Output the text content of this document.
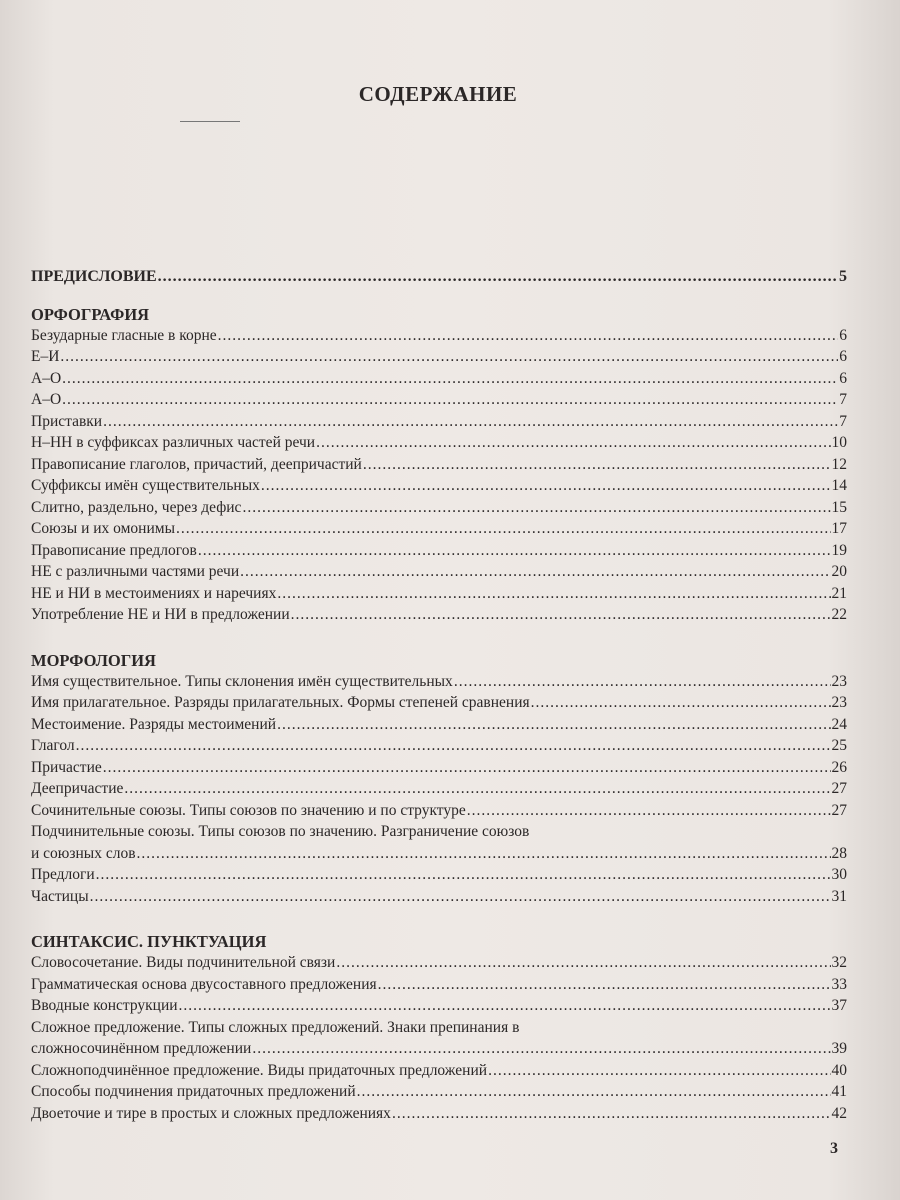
СОДЕРЖАНИЕ
ПРЕДИСЛОВИЕ .....	5
ОРФОГРАФИЯ
Безударные гласные в корне .....	6
Е–И .....	6
А–О .....	6
А–О .....	7
Приставки .....	7
Н–НН в суффиксах различных частей речи .....	10
Правописание глаголов, причастий, деепричастий .....	12
Суффиксы имён существительных .....	14
Слитно, раздельно, через дефис .....	15
Союзы и их омонимы .....	17
Правописание предлогов .....	19
НЕ с различными частями речи .....	20
НЕ и НИ в местоимениях и наречиях .....	21
Употребление НЕ и НИ в предложении .....	22
МОРФОЛОГИЯ
Имя существительное. Типы склонения имён существительных .....	23
Имя прилагательное. Разряды прилагательных. Формы степеней сравнения .....	23
Местоимение. Разряды местоимений .....	24
Глагол .....	25
Причастие .....	26
Деепричастие .....	27
Сочинительные союзы. Типы союзов по значению и по структуре .....	27
Подчинительные союзы. Типы союзов по значению. Разграничение союзов
и союзных слов .....	28
Предлоги .....	30
Частицы .....	31
СИНТАКСИС. ПУНКТУАЦИЯ
Словосочетание. Виды подчинительной связи .....	32
Грамматическая основа двусоставного предложения .....	33
Вводные конструкции .....	37
Сложное предложение. Типы сложных предложений. Знаки препинания в
сложносочинённом предложении .....	39
Сложноподчинённое предложение. Виды придаточных предложений .....	40
Способы подчинения придаточных предложений .....	41
Двоеточие и тире в простых и сложных предложениях .....	42
3
